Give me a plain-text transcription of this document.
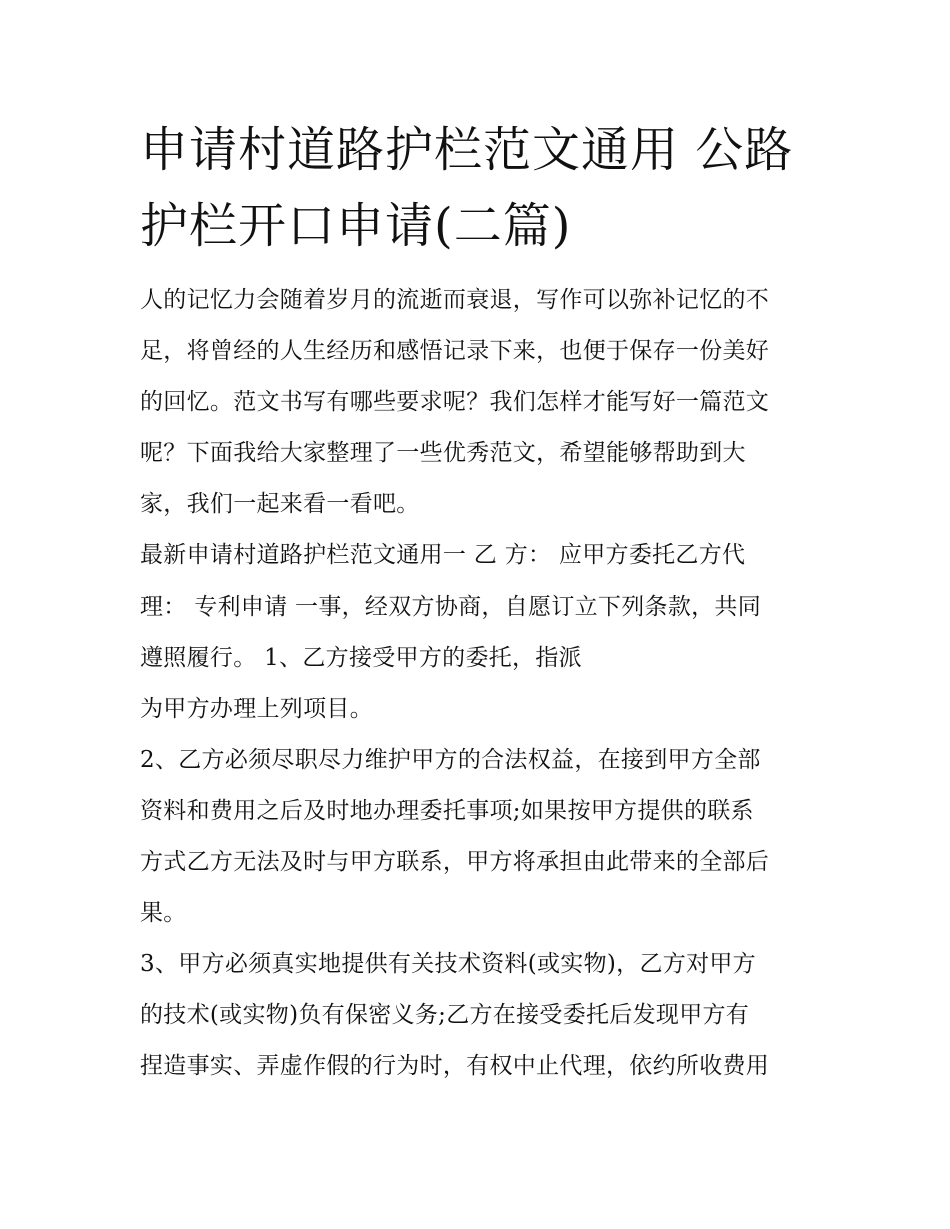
申请村道路护栏范文通用 公路
护栏开口申请(二篇)
人的记忆力会随着岁月的流逝而衰退，写作可以弥补记忆的不
足，将曾经的人生经历和感悟记录下来，也便于保存一份美好
的回忆。范文书写有哪些要求呢？我们怎样才能写好一篇范文
呢？下面我给大家整理了一些优秀范文，希望能够帮助到大
家，我们一起来看一看吧。
最新申请村道路护栏范文通用一 乙 方： 应甲方委托乙方代
理： 专利申请 一事，经双方协商，自愿订立下列条款，共同
遵照履行。 1、乙方接受甲方的委托，指派
为甲方办理上列项目。
2、乙方必须尽职尽力维护甲方的合法权益，在接到甲方全部
资料和费用之后及时地办理委托事项;如果按甲方提供的联系
方式乙方无法及时与甲方联系，甲方将承担由此带来的全部后
果。
3、甲方必须真实地提供有关技术资料(或实物)，乙方对甲方
的技术(或实物)负有保密义务;乙方在接受委托后发现甲方有
捏造事实、弄虚作假的行为时，有权中止代理，依约所收费用
